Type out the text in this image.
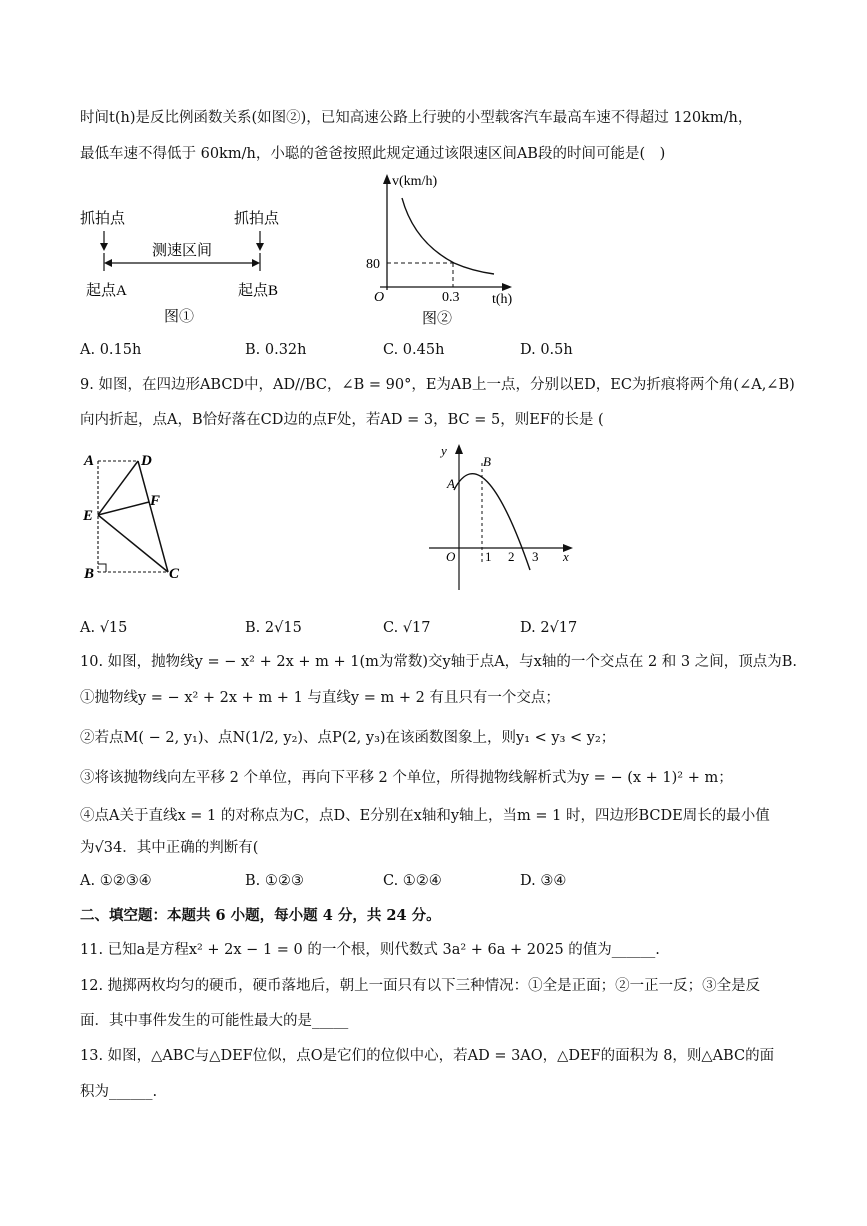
时间t(h)是反比例函数关系(如图②)，已知高速公路上行驶的小型载客汽车最高车速不得超过 120km/h，
最低车速不得低于 60km/h，小聪的爸爸按照此规定通过该限速区间AB段的时间可能是(　)
抓拍点	抓拍点
测速区间
起点A	起点B
图①
v(km/h)
80
O	0.3 t(h)
图②
A. 0.15h	B. 0.32h	C. 0.45h	D. 0.5h
9. 如图，在四边形ABCD中，AD//BC，∠B = 90°，E为AB上一点，分别以ED，EC为折痕将两个角(∠A,∠B)
向内折起，点A，B恰好落在CD边的点F处，若AD = 3，BC = 5，则EF的长是 (
A	D
F
E
B	C
y
B
A
O 1 2 3 x
A. √15	B. 2√15	C. √17	D. 2√17
10. 如图，抛物线y = − x² + 2x + m + 1(m为常数)交y轴于点A，与x轴的一个交点在 2 和 3 之间，顶点为B.
①抛物线y = − x² + 2x + m + 1 与直线y = m + 2 有且只有一个交点；
②若点M( − 2, y₁)、点N(1/2, y₂)、点P(2, y₃)在该函数图象上，则y₁ < y₃ < y₂；
③将该抛物线向左平移 2 个单位，再向下平移 2 个单位，所得抛物线解析式为y = − (x + 1)² + m；
④点A关于直线x = 1 的对称点为C，点D、E分别在x轴和y轴上，当m = 1 时，四边形BCDE周长的最小值
为√34．其中正确的判断有(
A. ①②③④	B. ①②③	C. ①②④	D. ③④
二、填空题：本题共 6 小题，每小题 4 分，共 24 分。
11. 已知a是方程x² + 2x − 1 = 0 的一个根，则代数式 3a² + 6a + 2025 的值为______.
12. 抛掷两枚均匀的硬币，硬币落地后，朝上一面只有以下三种情况：①全是正面；②一正一反；③全是反
面．其中事件发生的可能性最大的是_____
13. 如图，△ABC与△DEF位似，点O是它们的位似中心，若AD = 3AO，△DEF的面积为 8，则△ABC的面
积为______.
